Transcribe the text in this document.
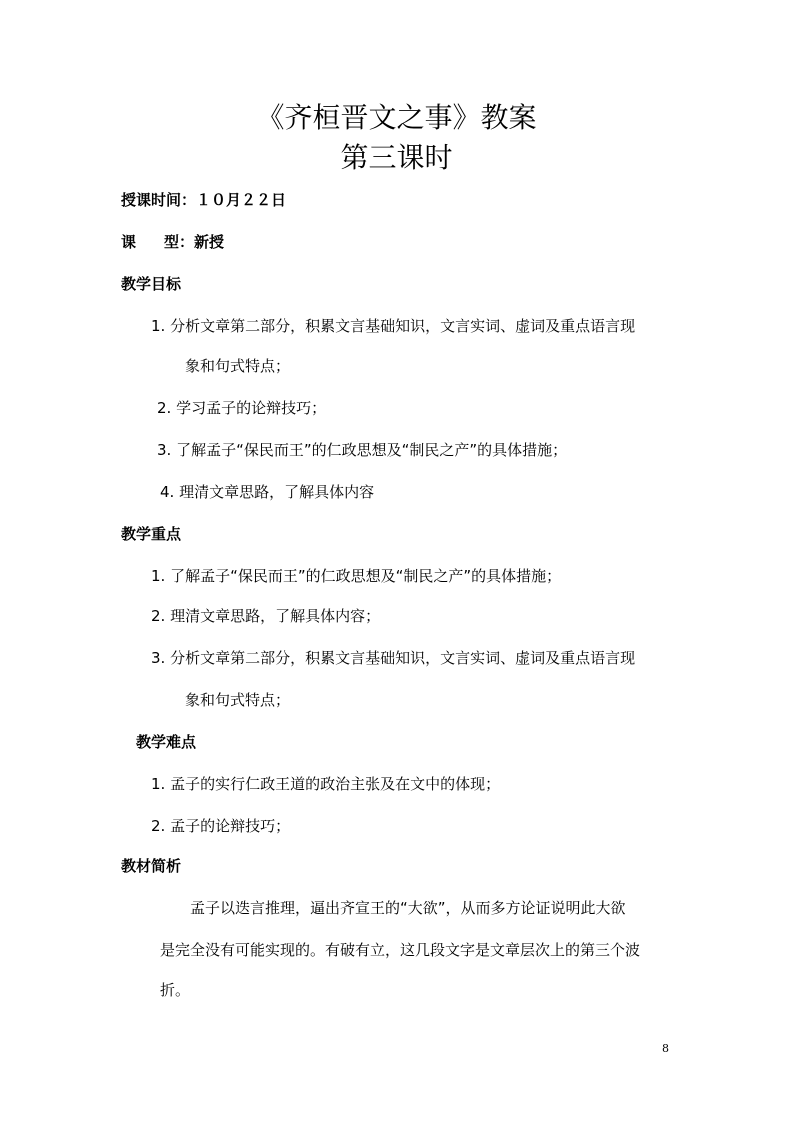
《齐桓晋文之事》教案
第三课时
授课时间： １０月２２日
课 型：新授
教学目标
1. 分析文章第二部分，积累文言基础知识，文言实词、虚词及重点语言现
象和句式特点；
2. 学习孟子的论辩技巧；
3. 了解孟子“保民而王”的仁政思想及“制民之产”的具体措施；
4. 理清文章思路，了解具体内容
教学重点
1. 了解孟子“保民而王”的仁政思想及“制民之产”的具体措施；
2. 理清文章思路，了解具体内容；
3. 分析文章第二部分，积累文言基础知识，文言实词、虚词及重点语言现
象和句式特点；
教学难点
1. 孟子的实行仁政王道的政治主张及在文中的体现；
2. 孟子的论辩技巧；
教材简析
孟子以迭言推理，逼出齐宣王的“大欲”，从而多方论证说明此大欲
是完全没有可能实现的。有破有立，这几段文字是文章层次上的第三个波
折。
8
